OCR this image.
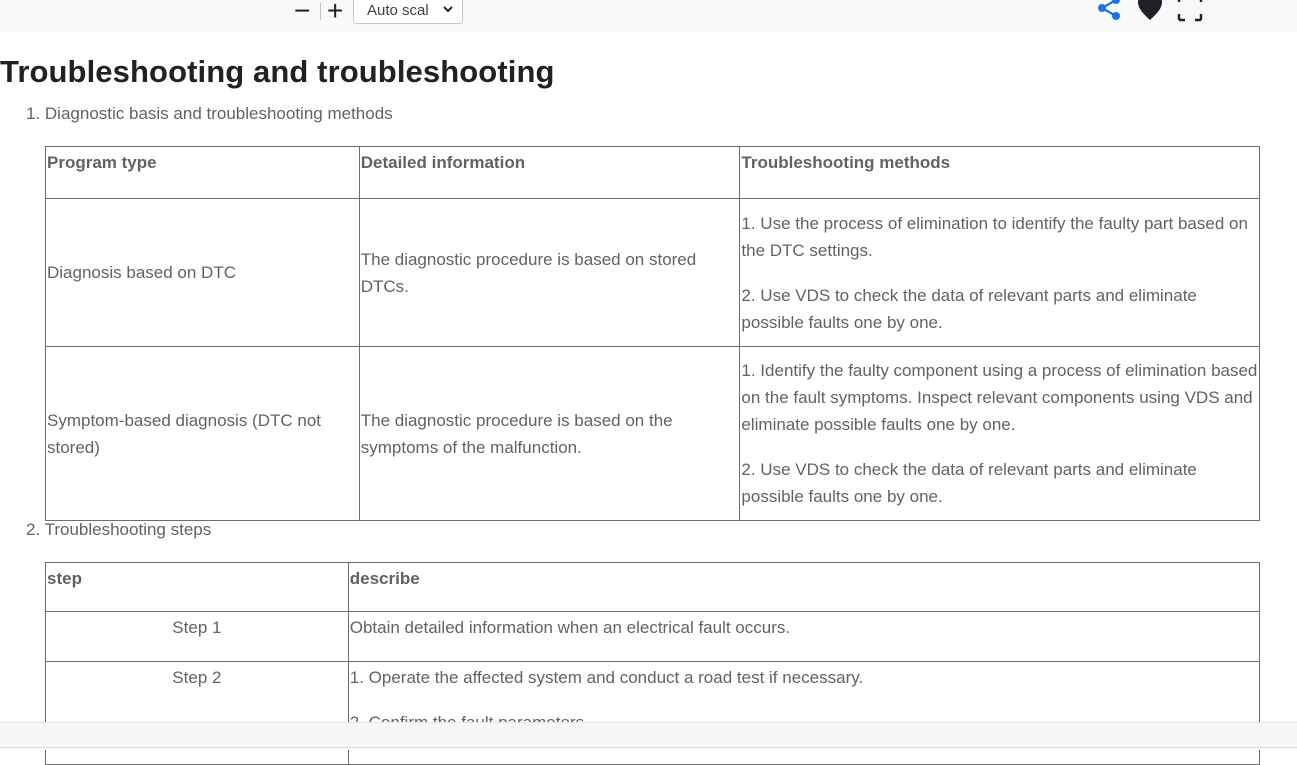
− + Auto scal
Troubleshooting and troubleshooting

1. Diagnostic basis and troubleshooting methods

Program type	Detailed information	Troubleshooting methods
Diagnosis based on DTC	The diagnostic procedure is based on stored DTCs.	1. Use the process of elimination to identify the faulty part based on the DTC settings.

2. Use VDS to check the data of relevant parts and eliminate possible faults one by one.

Symptom-based diagnosis (DTC not stored)	The diagnostic procedure is based on the symptoms of the malfunction.	1. Identify the faulty component using a process of elimination based on the fault symptoms. Inspect relevant components using VDS and eliminate possible faults one by one.

2. Use VDS to check the data of relevant parts and eliminate possible faults one by one.

2. Troubleshooting steps

step	describe
Step 1	Obtain detailed information when an electrical fault occurs.

Step 2	1. Operate the affected system and conduct a road test if necessary.
